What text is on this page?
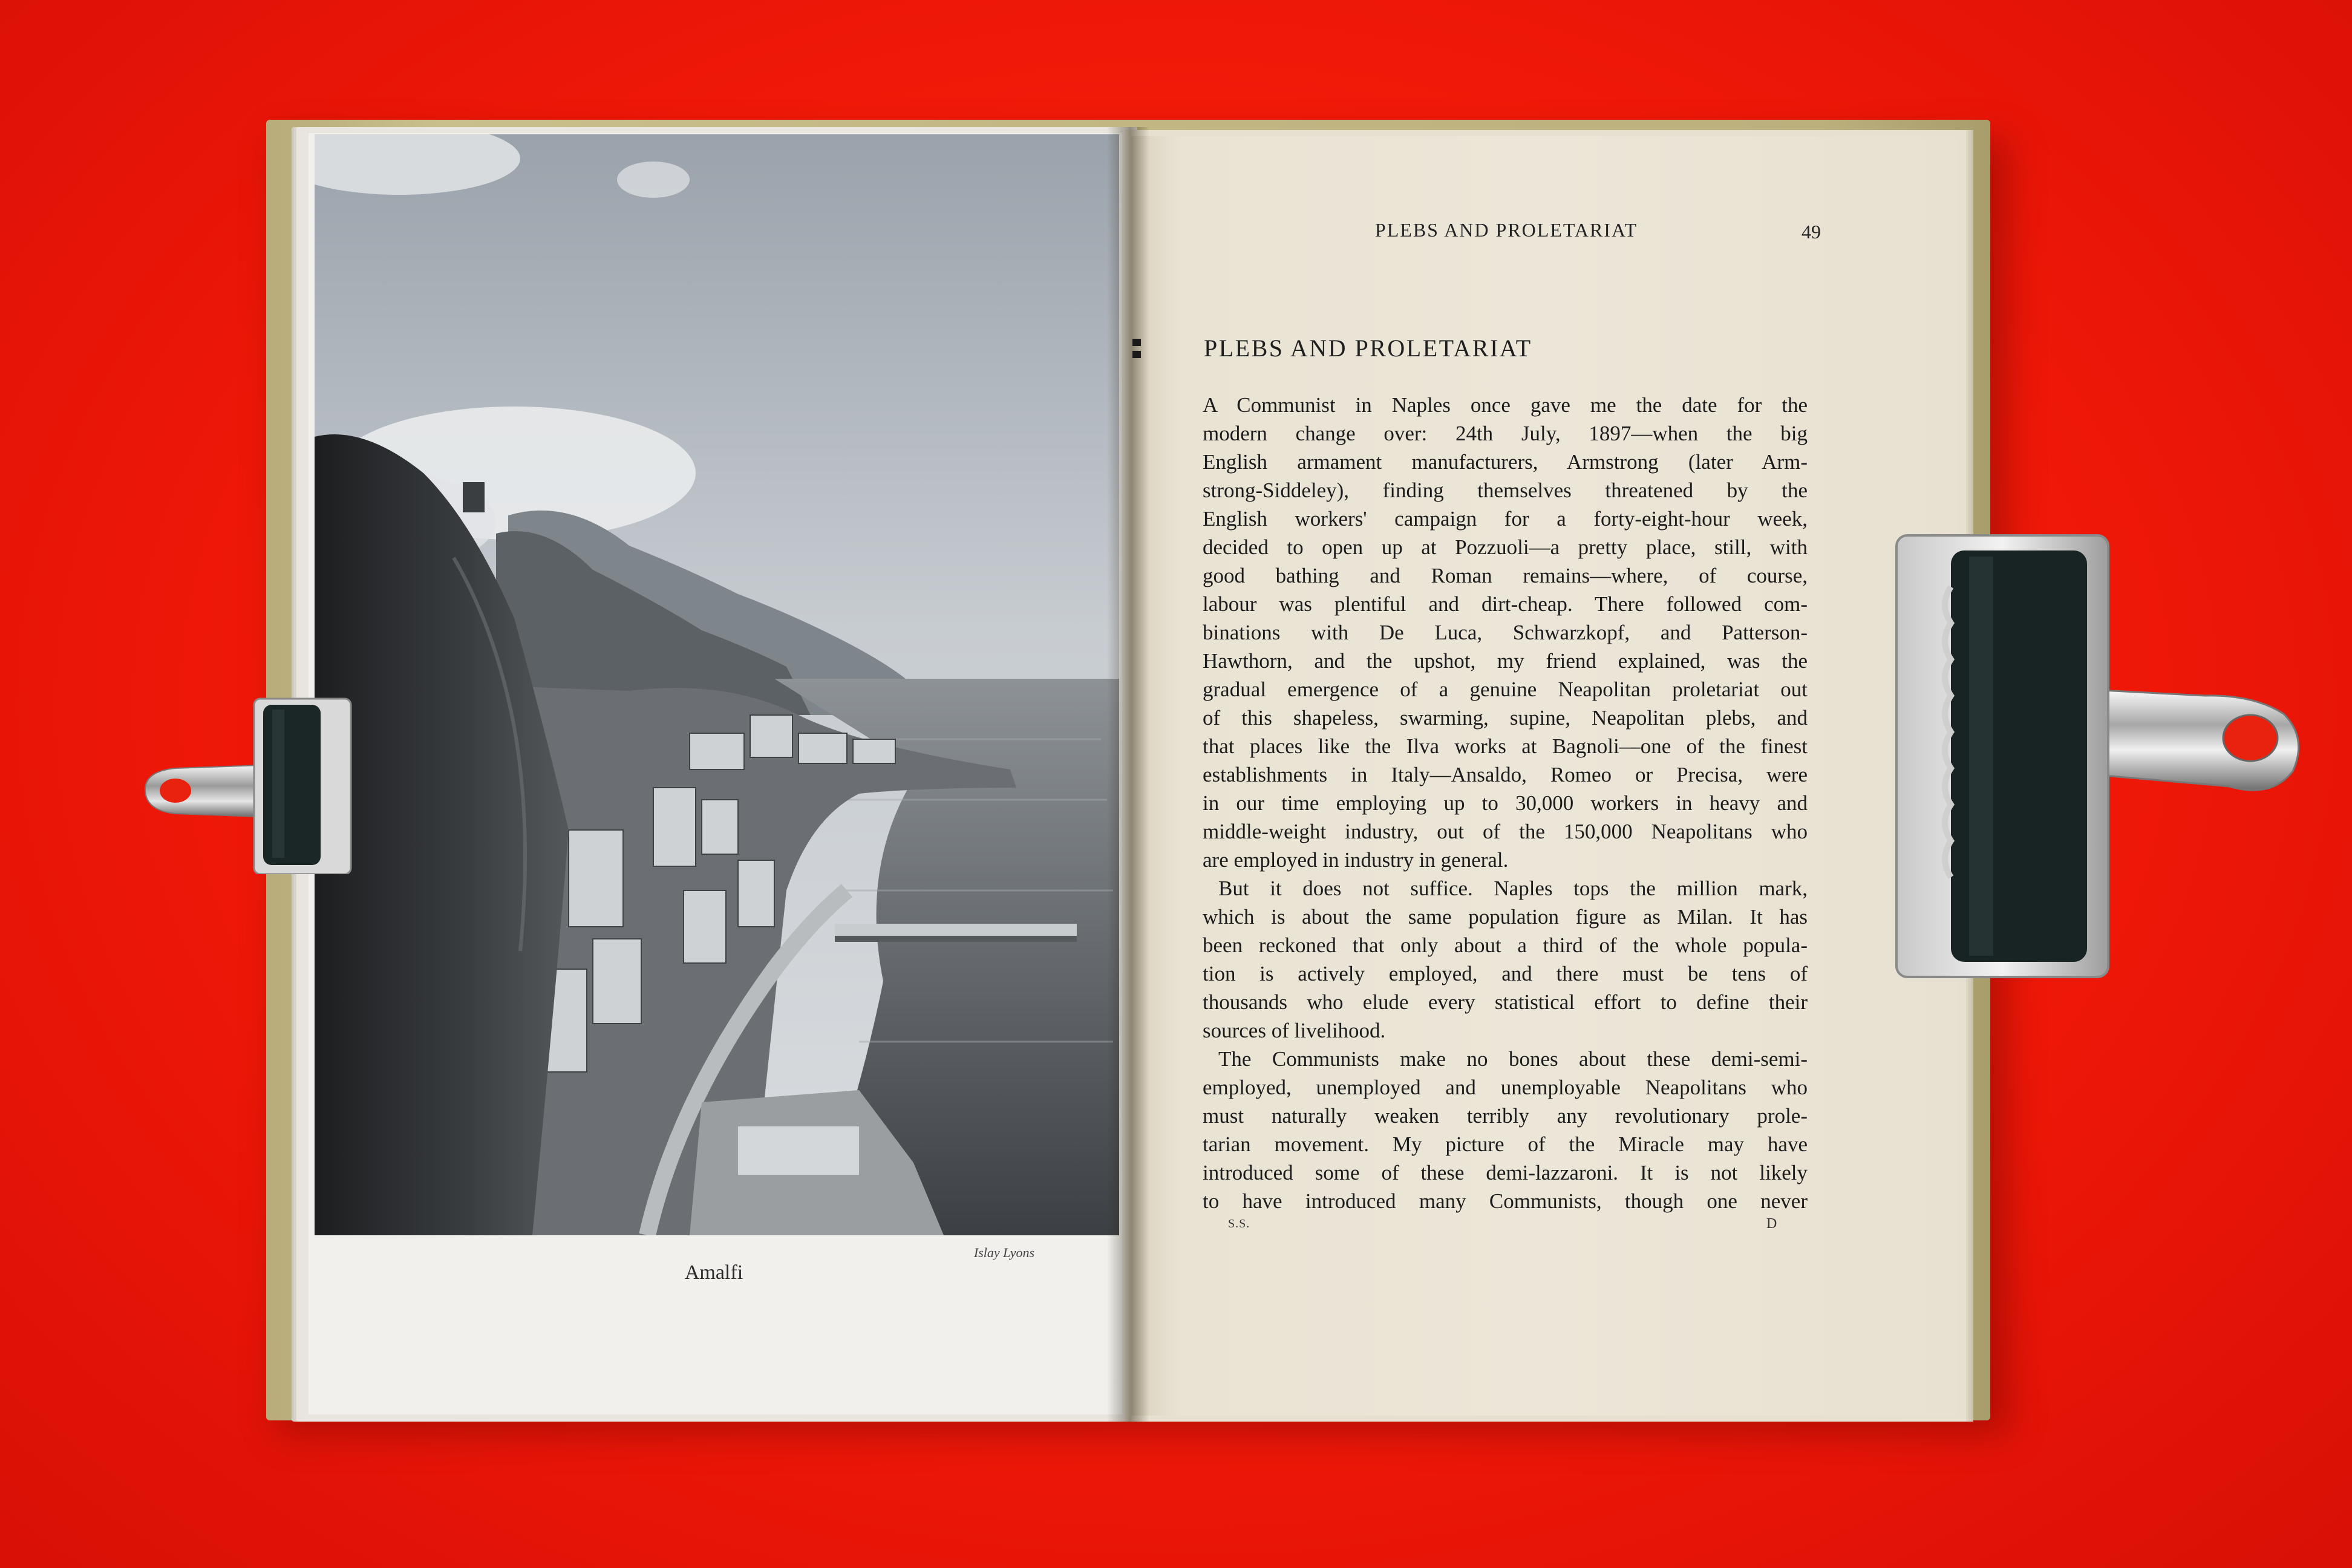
Amalfi
Islay Lyons
PLEBS AND PROLETARIAT	49
PLEBS AND PROLETARIAT
A Communist in Naples once gave me the date for the
modern change over: 24th July, 1897—when the big
English armament manufacturers, Armstrong (later Arm-
strong-Siddeley), finding themselves threatened by the
English workers' campaign for a forty-eight-hour week,
decided to open up at Pozzuoli—a pretty place, still, with
good bathing and Roman remains—where, of course,
labour was plentiful and dirt-cheap. There followed com-
binations with De Luca, Schwarzkopf, and Patterson-
Hawthorn, and the upshot, my friend explained, was the
gradual emergence of a genuine Neapolitan proletariat out
of this shapeless, swarming, supine, Neapolitan plebs, and
that places like the Ilva works at Bagnoli—one of the finest
establishments in Italy—Ansaldo, Romeo or Precisa, were
in our time employing up to 30,000 workers in heavy and
middle-weight industry, out of the 150,000 Neapolitans who
are employed in industry in general.
But it does not suffice. Naples tops the million mark,
which is about the same population figure as Milan. It has
been reckoned that only about a third of the whole popula-
tion is actively employed, and there must be tens of
thousands who elude every statistical effort to define their
sources of livelihood.
The Communists make no bones about these demi-semi-
employed, unemployed and unemployable Neapolitans who
must naturally weaken terribly any revolutionary prole-
tarian movement. My picture of the Miracle may have
introduced some of these demi-lazzaroni. It is not likely
to have introduced many Communists, though one never
S.S.	D
